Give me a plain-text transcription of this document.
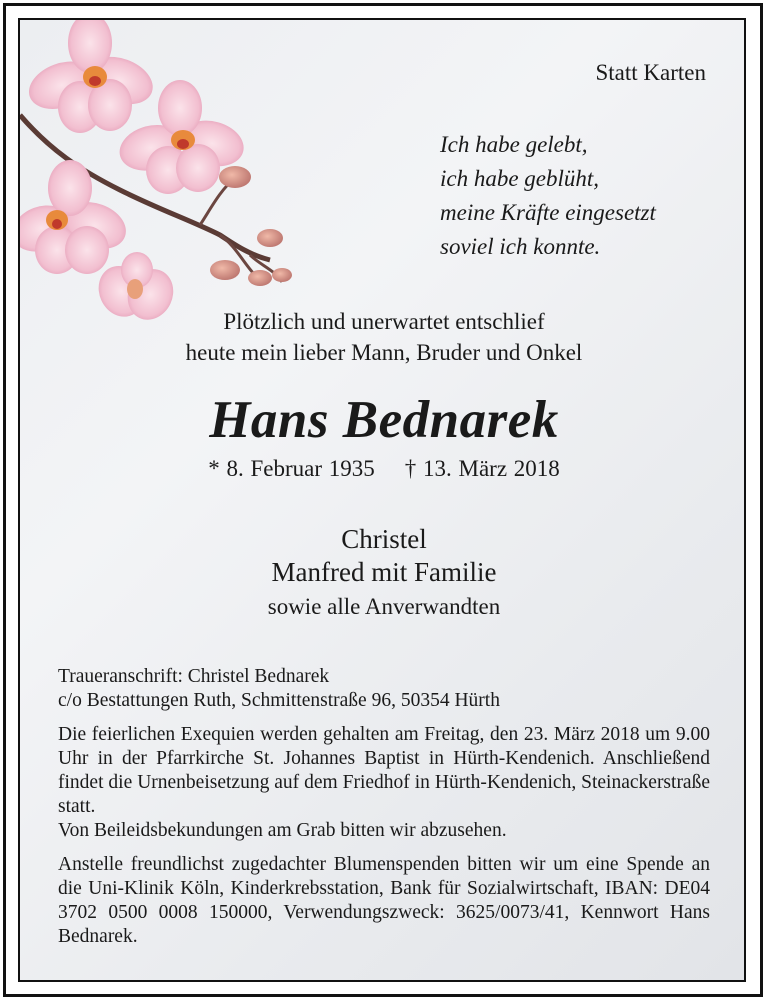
Statt Karten
Ich habe gelebt,
ich habe geblüht,
meine Kräfte eingesetzt
soviel ich konnte.
Plötzlich und unerwartet entschlief
heute mein lieber Mann, Bruder und Onkel
Hans Bednarek
* 8. Februar 1935 † 13. März 2018
Christel
Manfred mit Familie
sowie alle Anverwandten

Traueranschrift: Christel Bednarek
c/o Bestattungen Ruth, Schmittenstraße 96, 50354 Hürth

Die feierlichen Exequien werden gehalten am Freitag, den 23. März 2018 um 9.00 Uhr in der Pfarrkirche St. Johannes Baptist in Hürth-Kendenich. Anschließend findet die Urnenbeisetzung auf dem Friedhof in Hürth-Kendenich, Steinackerstraße statt.
Von Beileidsbekundungen am Grab bitten wir abzusehen.

Anstelle freundlichst zugedachter Blumenspenden bitten wir um eine Spende an die Uni-Klinik Köln, Kinderkrebsstation, Bank für Sozialwirtschaft, IBAN: DE04 3702 0500 0008 150000, Verwendungszweck: 3625/0073/41, Kennwort Hans Bednarek.
